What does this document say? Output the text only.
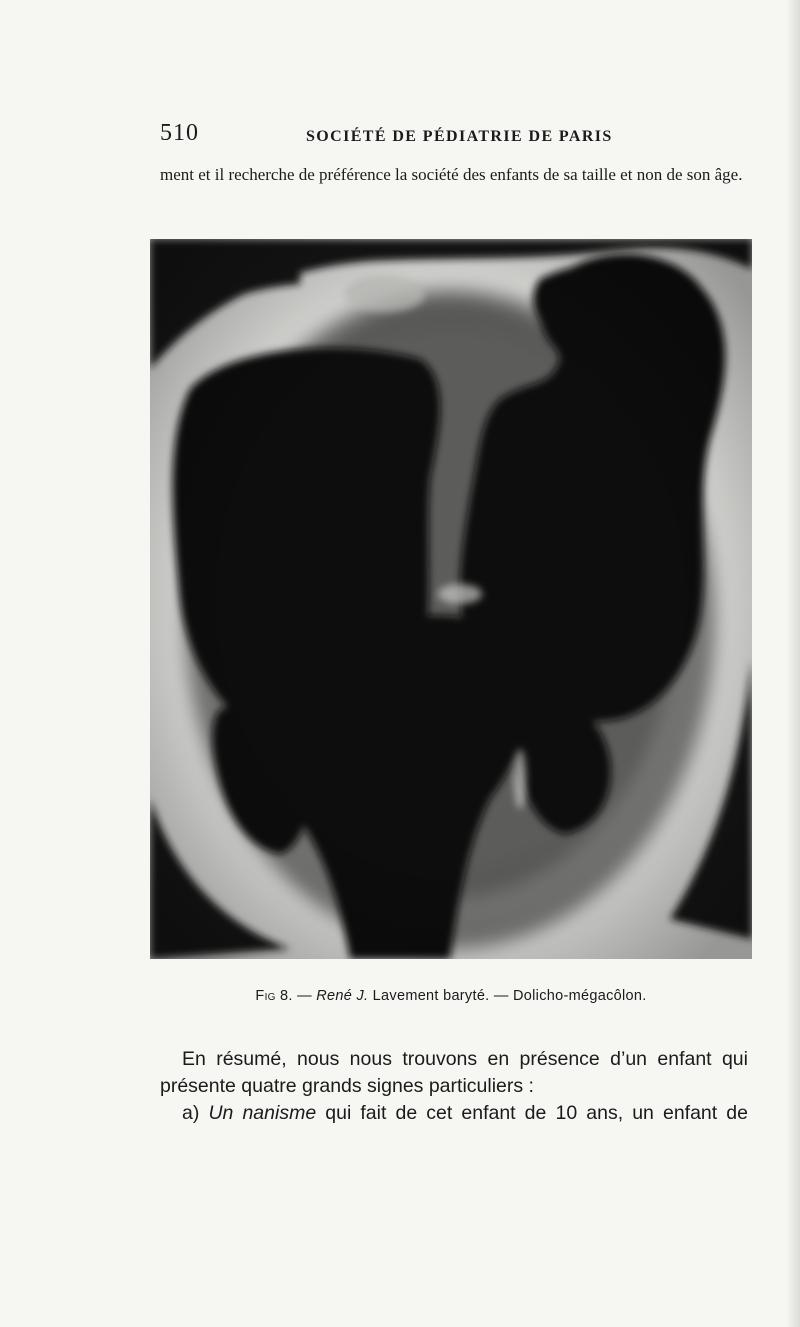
510	SOCIÉTÉ DE PÉDIATRIE DE PARIS
ment et il recherche de préférence la société des enfants de sa taille et non de son âge.
Fig 8. — René J. Lavement baryté. — Dolicho-mégacôlon.
En résumé, nous nous trouvons en présence d’un enfant qui
présente quatre grands signes particuliers :
a) Un nanisme qui fait de cet enfant de 10 ans, un enfant de
